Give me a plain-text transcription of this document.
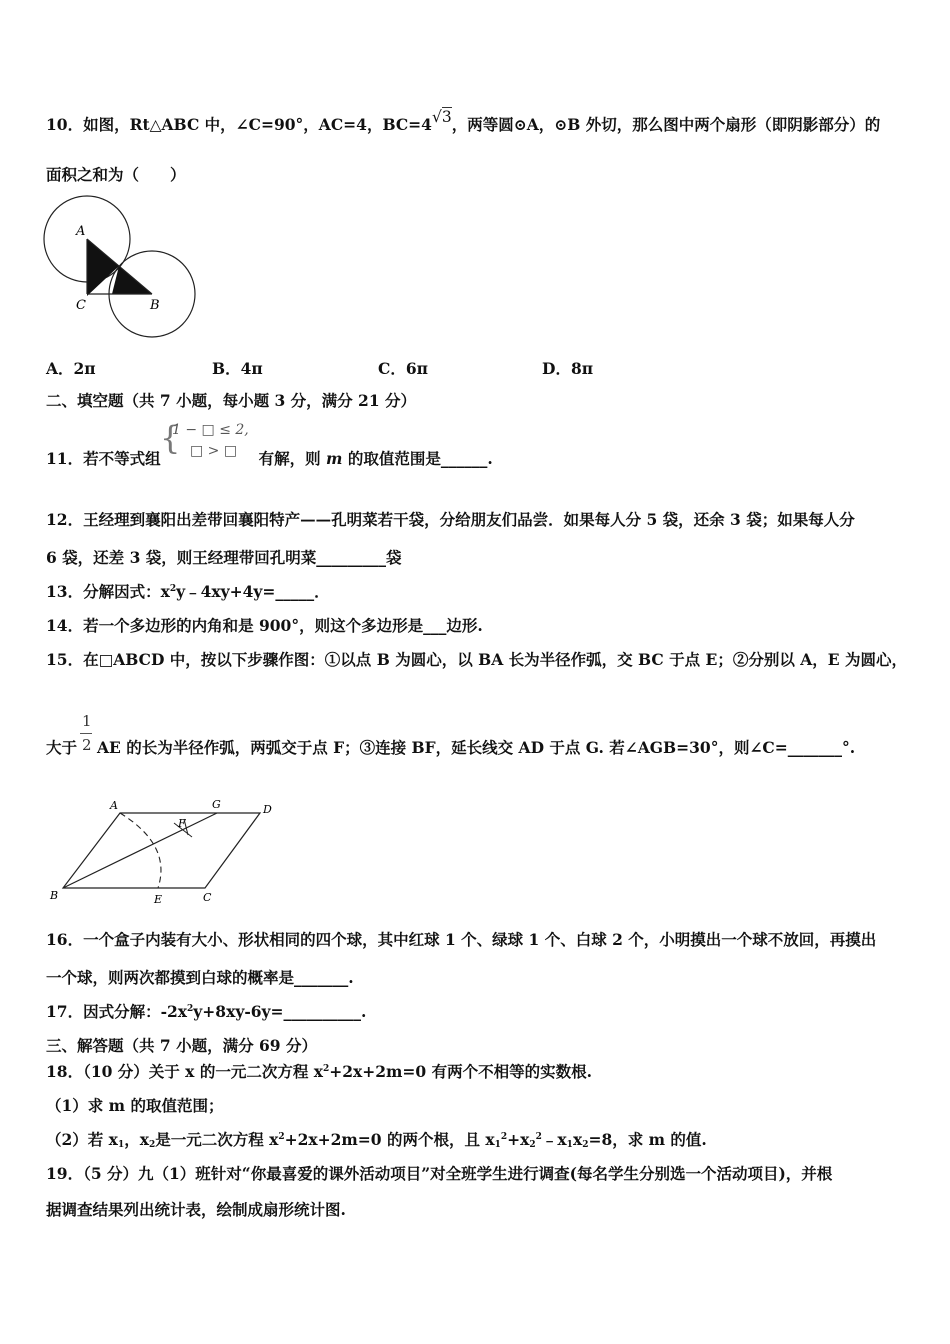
10．如图，Rt△ABC 中，∠C=90°，AC=4，BC=4√3，两等圆⊙A，⊙B 外切，那么图中两个扇形（即阴影部分）的
面积之和为（　　）
A
C	B
A．2π	B．4π	C．6π	D．8π
二、填空题（共 7 小题，每小题 3 分，满分 21 分）
11．若不等式组	有解，则 m 的取值范围是______.
{
1 − □ ≤ 2,
□ > □
12．王经理到襄阳出差带回襄阳特产——孔明菜若干袋，分给朋友们品尝．如果每人分 5 袋，还余 3 袋；如果每人分
6 袋，还差 3 袋，则王经理带回孔明菜_________袋
13．分解因式：$x^2y﹣4xy+4y=\_\_\_\_\_$．
14．若一个多边形的内角和是 900°，则这个多边形是___边形.
15．在□ABCD 中，按以下步骤作图：①以点 B 为圆心，以 BA 长为半径作弧，交 BC 于点 E；②分别以 A，E 为圆心，
1
2
大于 AE 的长为半径作弧，两弧交于点 F；③连接 BF，延长线交 AD 于点 G. 若∠AGB=30°，则∠C=_______°.
A	G	D
F
B	E	C
16．一个盒子内装有大小、形状相同的四个球，其中红球 1 个、绿球 1 个、白球 2 个，小明摸出一个球不放回，再摸出
一个球，则两次都摸到白球的概率是_______.
17．因式分解：$-2x^2y+8xy-6y=\_\_\_\_\_\_\_\_\_\_$.
三、解答题（共 7 小题，满分 69 分）
18．（10 分）关于 x 的一元二次方程 $x^2+2x+2m=0$ 有两个不相等的实数根.
（1）求 m 的取值范围；
（2）若 $x_1$，$x_2$是一元二次方程 $x^2+2x+2m=0$ 的两个根，且 $x_1^2+x_2^2﹣x_1x_2=8$，求 m 的值.
19．（5 分）九（1）班针对“你最喜爱的课外活动项目”对全班学生进行调查(每名学生分别选一个活动项目)，并根
据调查结果列出统计表，绘制成扇形统计图.
